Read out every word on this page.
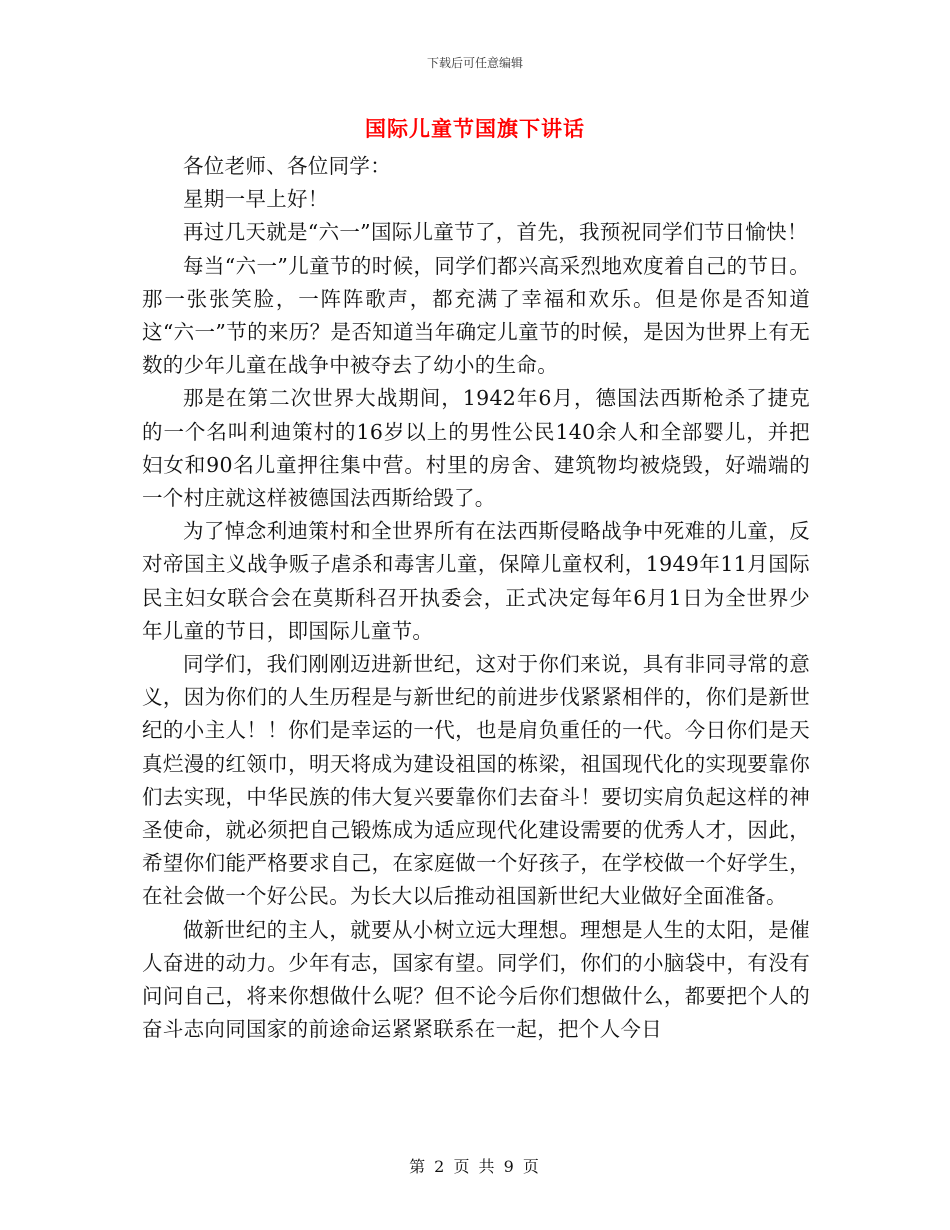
下载后可任意编辑
国际儿童节国旗下讲话

各位老师、各位同学：

星期一早上好！

再过几天就是“六一”国际儿童节了，首先，我预祝同学们节日愉快！

每当“六一”儿童节的时候，同学们都兴高采烈地欢度着自己的节日。那一张张笑脸，一阵阵歌声，都充满了幸福和欢乐。但是你是否知道这“六一”节的来历？是否知道当年确定儿童节的时候，是因为世界上有无数的少年儿童在战争中被夺去了幼小的生命。

那是在第二次世界大战期间，1942年6月，德国法西斯枪杀了捷克的一个名叫利迪策村的16岁以上的男性公民140余人和全部婴儿，并把妇女和90名儿童押往集中营。村里的房舍、建筑物均被烧毁，好端端的一个村庄就这样被德国法西斯给毁了。

为了悼念利迪策村和全世界所有在法西斯侵略战争中死难的儿童，反对帝国主义战争贩子虐杀和毒害儿童，保障儿童权利，1949年11月国际民主妇女联合会在莫斯科召开执委会，正式决定每年6月1日为全世界少年儿童的节日，即国际儿童节。

同学们，我们刚刚迈进新世纪，这对于你们来说，具有非同寻常的意义，因为你们的人生历程是与新世纪的前进步伐紧紧相伴的，你们是新世纪的小主人！！你们是幸运的一代，也是肩负重任的一代。今日你们是天真烂漫的红领巾，明天将成为建设祖国的栋梁，祖国现代化的实现要靠你们去实现，中华民族的伟大复兴要靠你们去奋斗！要切实肩负起这样的神圣使命，就必须把自己锻炼成为适应现代化建设需要的优秀人才，因此，希望你们能严格要求自己，在家庭做一个好孩子，在学校做一个好学生，在社会做一个好公民。为长大以后推动祖国新世纪大业做好全面准备。

做新世纪的主人，就要从小树立远大理想。理想是人生的太阳，是催人奋进的动力。少年有志，国家有望。同学们，你们的小脑袋中，有没有问问自己，将来你想做什么呢？但不论今后你们想做什么，都要把个人的奋斗志向同国家的前途命运紧紧联系在一起，把个人今日

第 2 页 共 9 页
